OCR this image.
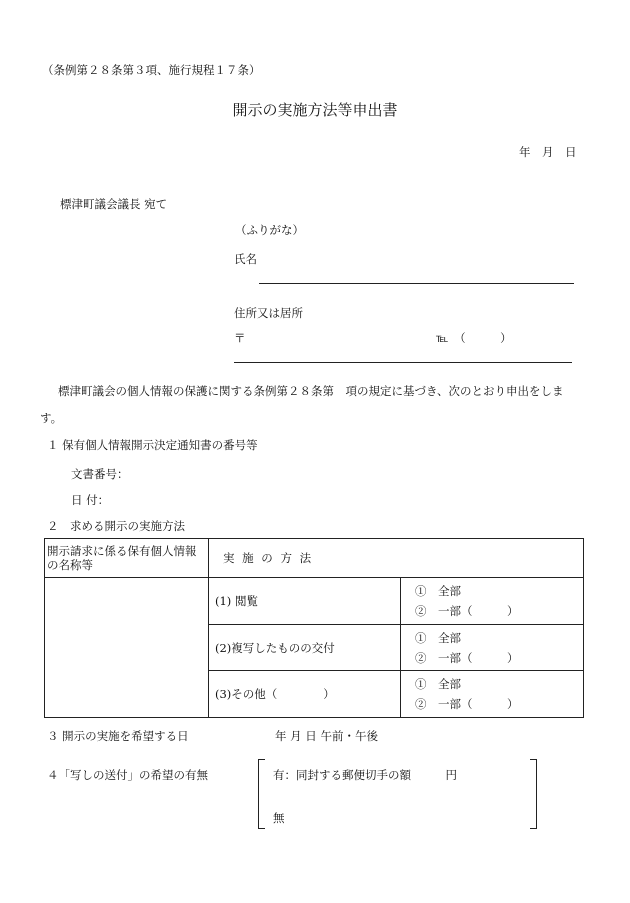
（条例第２８条第３項、施行規程１７条）
開示の実施方法等申出書
年　月　日
標津町議会議長 宛て
（ふりがな）
氏名
住所又は居所
〒	℡　（　　　）
標津町議会の個人情報の保護に関する条例第２８条第　項の規定に基づき、次のとおり申出をしま
す。
１ 保有個人情報開示決定通知書の番号等
文書番号：
日 付：
２　求める開示の実施方法
開示請求に係る保有個人情報の名称等	実 施 の 方 法	
	(1) 閲覧	①　全部
②　一部（　　　）

	(2)複写したものの交付	①　全部
②　一部（　　　）

	(3)その他（　　　　）	①　全部
②　一部（　　　）
３ 開示の実施を希望する日	年 月 日 午前・午後
４「写しの送付」の希望の有無	有：同封する郵便切手の額　　　円
無
